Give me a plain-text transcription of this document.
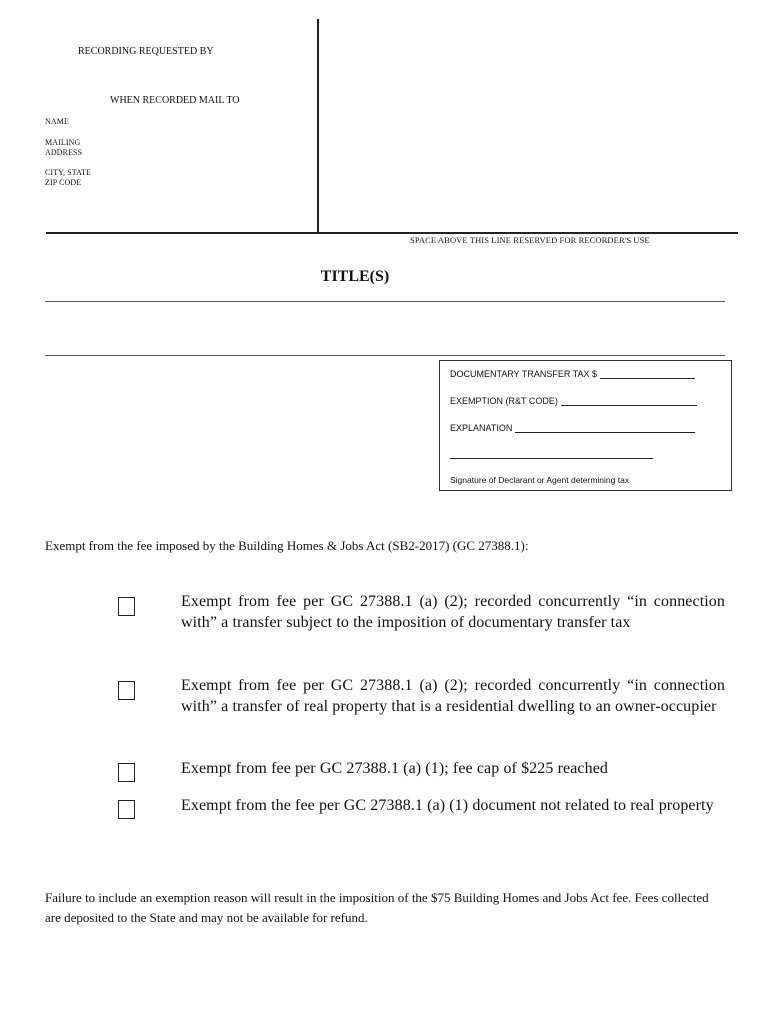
RECORDING REQUESTED BY
WHEN RECORDED MAIL TO
NAME
MAILING
ADDRESS
CITY, STATE
ZIP CODE
SPACE ABOVE THIS LINE RESERVED FOR RECORDER'S USE
TITLE(S)
DOCUMENTARY TRANSFER TAX $
EXEMPTION (R&T CODE)
EXPLANATION
Signature of Declarant or Agent determining tax
Exempt from the fee imposed by the Building Homes & Jobs Act (SB2-2017) (GC 27388.1):
Exempt from fee per GC 27388.1 (a) (2); recorded concurrently “in connection with” a transfer subject to the imposition of documentary transfer tax
Exempt from fee per GC 27388.1 (a) (2); recorded concurrently “in connection with” a transfer of real property that is a residential dwelling to an owner-occupier
Exempt from fee per GC 27388.1 (a) (1); fee cap of $225 reached
Exempt from the fee per GC 27388.1 (a) (1) document not related to real property
Failure to include an exemption reason will result in the imposition of the $75 Building Homes and Jobs Act fee. Fees collected are deposited to the State and may not be available for refund.
